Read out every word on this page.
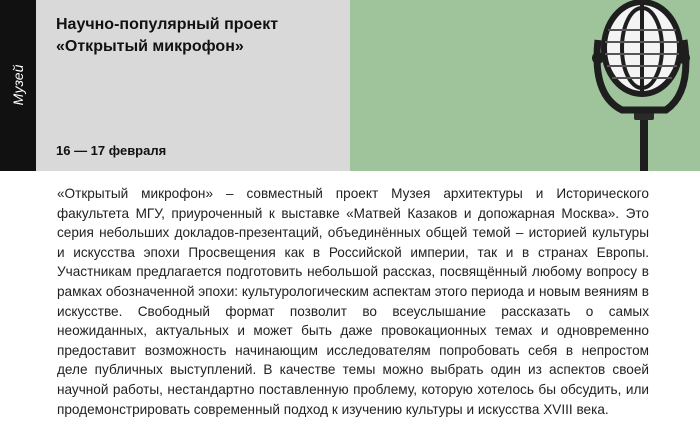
Музей
Научно-популярный проект
«Открытый микрофон»
16 — 17 февраля

«Открытый микрофон» – совместный проект Музея архитектуры и Исторического факультета МГУ, приуроченный к выставке «Матвей Казаков и допожарная Москва». Это серия небольших докладов-презентаций, объединённых общей темой – историей культуры и искусства эпохи Просвещения как в Российской империи, так и в странах Европы. Участникам предлагается подготовить небольшой рассказ, посвящённый любому вопросу в рамках обозначенной эпохи: культурологическим аспектам этого периода и новым веяниям в искусстве. Свободный формат позволит во всеуслышание рассказать о самых неожиданных, актуальных и может быть даже провокационных темах и одновременно предоставит возможность начинающим исследователям попробовать себя в непростом деле публичных выступлений. В качестве темы можно выбрать один из аспектов своей научной работы, нестандартно поставленную проблему, которую хотелось бы обсудить, или продемонстрировать современный подход к изучению культуры и искусства XVIII века.
